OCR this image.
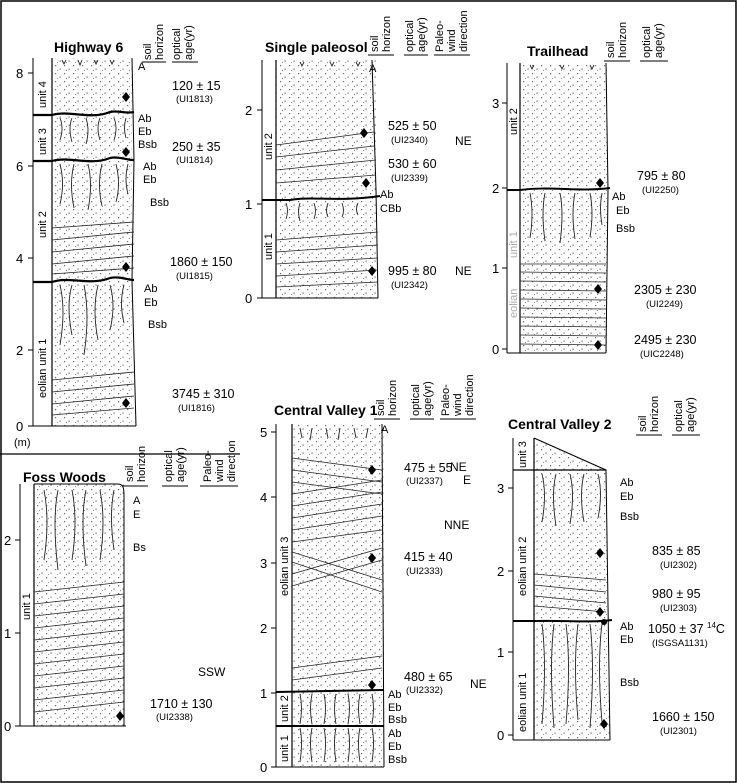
Highway 6 soil horizon optical age(yr)
8
6
4
2
0
(m)
unit 4
unit 3
unit 2
eolian unit 1
A
Ab
Eb
Bsb
Ab
Eb
Bsb
Ab
Eb
Bsb
120 ± 15
(UI1813)
250 ± 35
(UI1814)
1860 ± 150
(UI1815)
3745 ± 310
(UI1816)
Single paleosol soil horizon optical age(yr) Paleo- wind direction
2
1
0
unit 2
unit 1
A
Ab
CBb
525 ± 50
(UI2340)
530 ± 60
(UI2339)
995 ± 80
(UI2342)
NE
NE
Trailhead soil horizon optical age(yr)
3
2
1
0
unit 2
unit 1
eolian
Ab
Eb
Bsb
795 ± 80
(UI2250)
2305 ± 230
(UI2249)
2495 ± 230
(UIC2248)
Foss Woods soil horizon optical age(yr) Paleo- wind direction
2
1
0
unit 1
A
E
Bs
SSW
1710 ± 130
(UI2338)
Central Valley 1
soil horizon optical age(yr) Paleo- wind direction
5
4
3
2
1
0
eolian unit 3
unit 2
unit 1
A
Ab
Eb
Bsb
Ab
Eb
Bsb
475 ± 55
(UI2337)
415 ± 40
(UI2333)
480 ± 65
(UI2332)
NE
E
NNE
NE
Central Valley 2 soil horizon optical age(yr)
3
2
1
0
unit 3
eolian unit 2
eolian unit 1
Ab
Eb
Bsb
Ab
Eb
Bsb
835 ± 85
(UI2302)
980 ± 95
(UI2303)
1050 ± 37 $^{14}$C
(ISGSA1131)
1660 ± 150
(UI2301)
